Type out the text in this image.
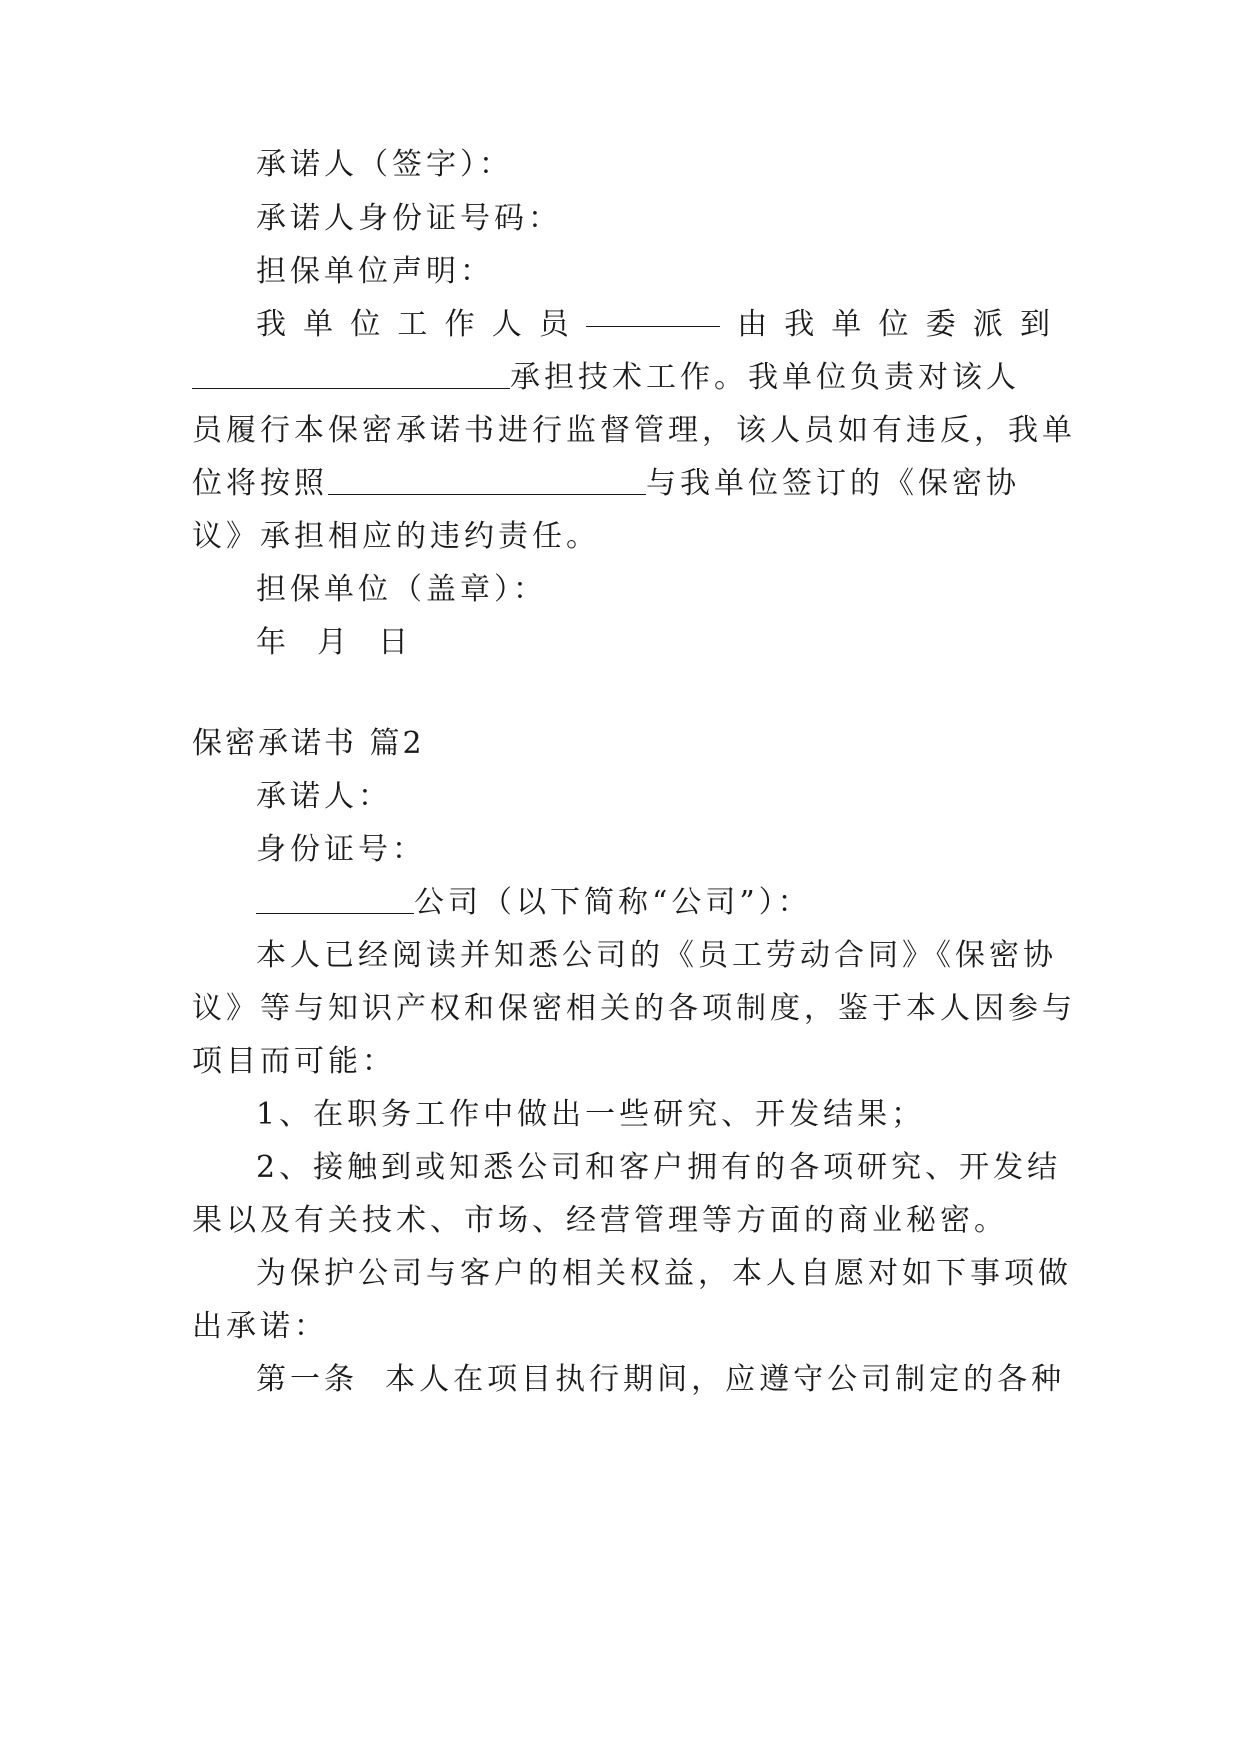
承诺人（签字）：
承诺人身份证号码：
担保单位声明：
我 单 位 工 作 人 员	由 我 单 位 委 派 到
承担技术工作。我单位负责对该人
员履行本保密承诺书进行监督管理，该人员如有违反，我单
位将按照	与我单位签订的《保密协
议》承担相应的违约责任。
担保单位（盖章）：
年  月  日
保密承诺书 篇2
承诺人：
身份证号：
公司（以下简称“公司”）：
本人已经阅读并知悉公司的《员工劳动合同》《保密协
议》等与知识产权和保密相关的各项制度，鉴于本人因参与
项目而可能：
1、在职务工作中做出一些研究、开发结果；
2、接触到或知悉公司和客户拥有的各项研究、开发结
果以及有关技术、市场、经营管理等方面的商业秘密。
为保护公司与客户的相关权益，本人自愿对如下事项做
出承诺：
第一条  本人在项目执行期间，应遵守公司制定的各种
